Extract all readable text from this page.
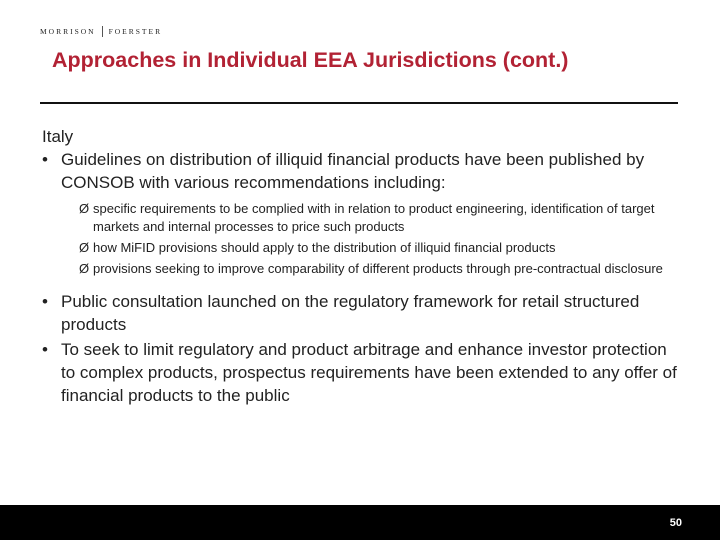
MORRISON FOERSTER
Approaches in Individual EEA Jurisdictions (cont.)
Italy
• Guidelines on distribution of illiquid financial products have been published by CONSOB with various recommendations including:
Ø specific requirements to be complied with in relation to product engineering, identification of target markets and internal processes to price such products
Ø how MiFID provisions should apply to the distribution of illiquid financial products
Ø provisions seeking to improve comparability of different products through pre-contractual disclosure
• Public consultation launched on the regulatory framework for retail structured products
• To seek to limit regulatory and product arbitrage and enhance investor protection to complex products, prospectus requirements have been extended to any offer of financial products to the public
50
